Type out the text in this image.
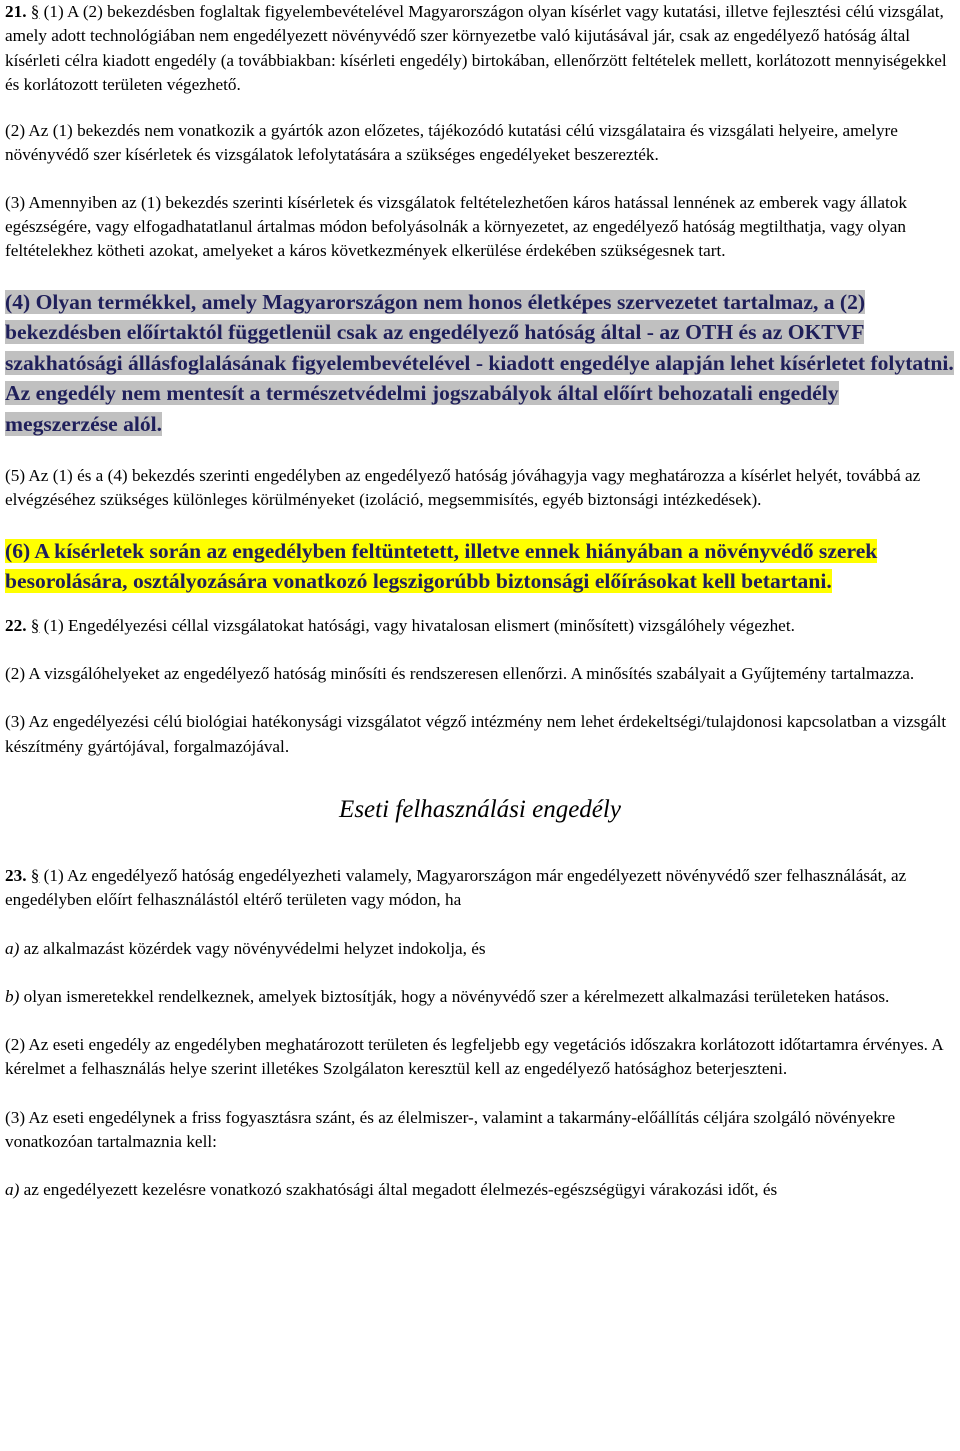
21. § (1) A (2) bekezdésben foglaltak figyelembevételével Magyarországon olyan kísérlet vagy kutatási, illetve fejlesztési célú vizsgálat, amely adott technológiában nem engedélyezett növényvédő szer környezetbe való kijutásával jár, csak az engedélyező hatóság által kísérleti célra kiadott engedély (a továbbiakban: kísérleti engedély) birtokában, ellenőrzött feltételek mellett, korlátozott mennyiségekkel és korlátozott területen végezhető.

(2) Az (1) bekezdés nem vonatkozik a gyártók azon előzetes, tájékozódó kutatási célú vizsgálataira és vizsgálati helyeire, amelyre növényvédő szer kísérletek és vizsgálatok lefolytatására a szükséges engedélyeket beszerezték.

(3) Amennyiben az (1) bekezdés szerinti kísérletek és vizsgálatok feltételezhetően káros hatással lennének az emberek vagy állatok egészségére, vagy elfogadhatatlanul ártalmas módon befolyásolnák a környezetet, az engedélyező hatóság megtilthatja, vagy olyan feltételekhez kötheti azokat, amelyeket a káros következmények elkerülése érdekében szükségesnek tart.

(4) Olyan termékkel, amely Magyarországon nem honos életképes szervezetet tartalmaz, a (2) bekezdésben előírtaktól függetlenül csak az engedélyező hatóság által - az OTH és az OKTVF szakhatósági állásfoglalásának figyelembevételével - kiadott engedélye alapján lehet kísérletet folytatni. Az engedély nem mentesít a természetvédelmi jogszabályok által előírt behozatali engedély megszerzése alól.

(5) Az (1) és a (4) bekezdés szerinti engedélyben az engedélyező hatóság jóváhagyja vagy meghatározza a kísérlet helyét, továbbá az elvégzéséhez szükséges különleges körülményeket (izoláció, megsemmisítés, egyéb biztonsági intézkedések).

(6) A kísérletek során az engedélyben feltüntetett, illetve ennek hiányában a növényvédő szerek besorolására, osztályozására vonatkozó legszigorúbb biztonsági előírásokat kell betartani.

22. § (1) Engedélyezési céllal vizsgálatokat hatósági, vagy hivatalosan elismert (minősített) vizsgálóhely végezhet.

(2) A vizsgálóhelyeket az engedélyező hatóság minősíti és rendszeresen ellenőrzi. A minősítés szabályait a Gyűjtemény tartalmazza.

(3) Az engedélyezési célú biológiai hatékonysági vizsgálatot végző intézmény nem lehet érdekeltségi/tulajdonosi kapcsolatban a vizsgált készítmény gyártójával, forgalmazójával.

Eseti felhasználási engedély

23. § (1) Az engedélyező hatóság engedélyezheti valamely, Magyarországon már engedélyezett növényvédő szer felhasználását, az engedélyben előírt felhasználástól eltérő területen vagy módon, ha

a) az alkalmazást közérdek vagy növényvédelmi helyzet indokolja, és

b) olyan ismeretekkel rendelkeznek, amelyek biztosítják, hogy a növényvédő szer a kérelmezett alkalmazási területeken hatásos.

(2) Az eseti engedély az engedélyben meghatározott területen és legfeljebb egy vegetációs időszakra korlátozott időtartamra érvényes. A kérelmet a felhasználás helye szerint illetékes Szolgálaton keresztül kell az engedélyező hatósághoz beterjeszteni.

(3) Az eseti engedélynek a friss fogyasztásra szánt, és az élelmiszer-, valamint a takarmány-előállítás céljára szolgáló növényekre vonatkozóan tartalmaznia kell:

a) az engedélyezett kezelésre vonatkozó szakhatósági által megadott élelmezés-egészségügyi várakozási időt, és
